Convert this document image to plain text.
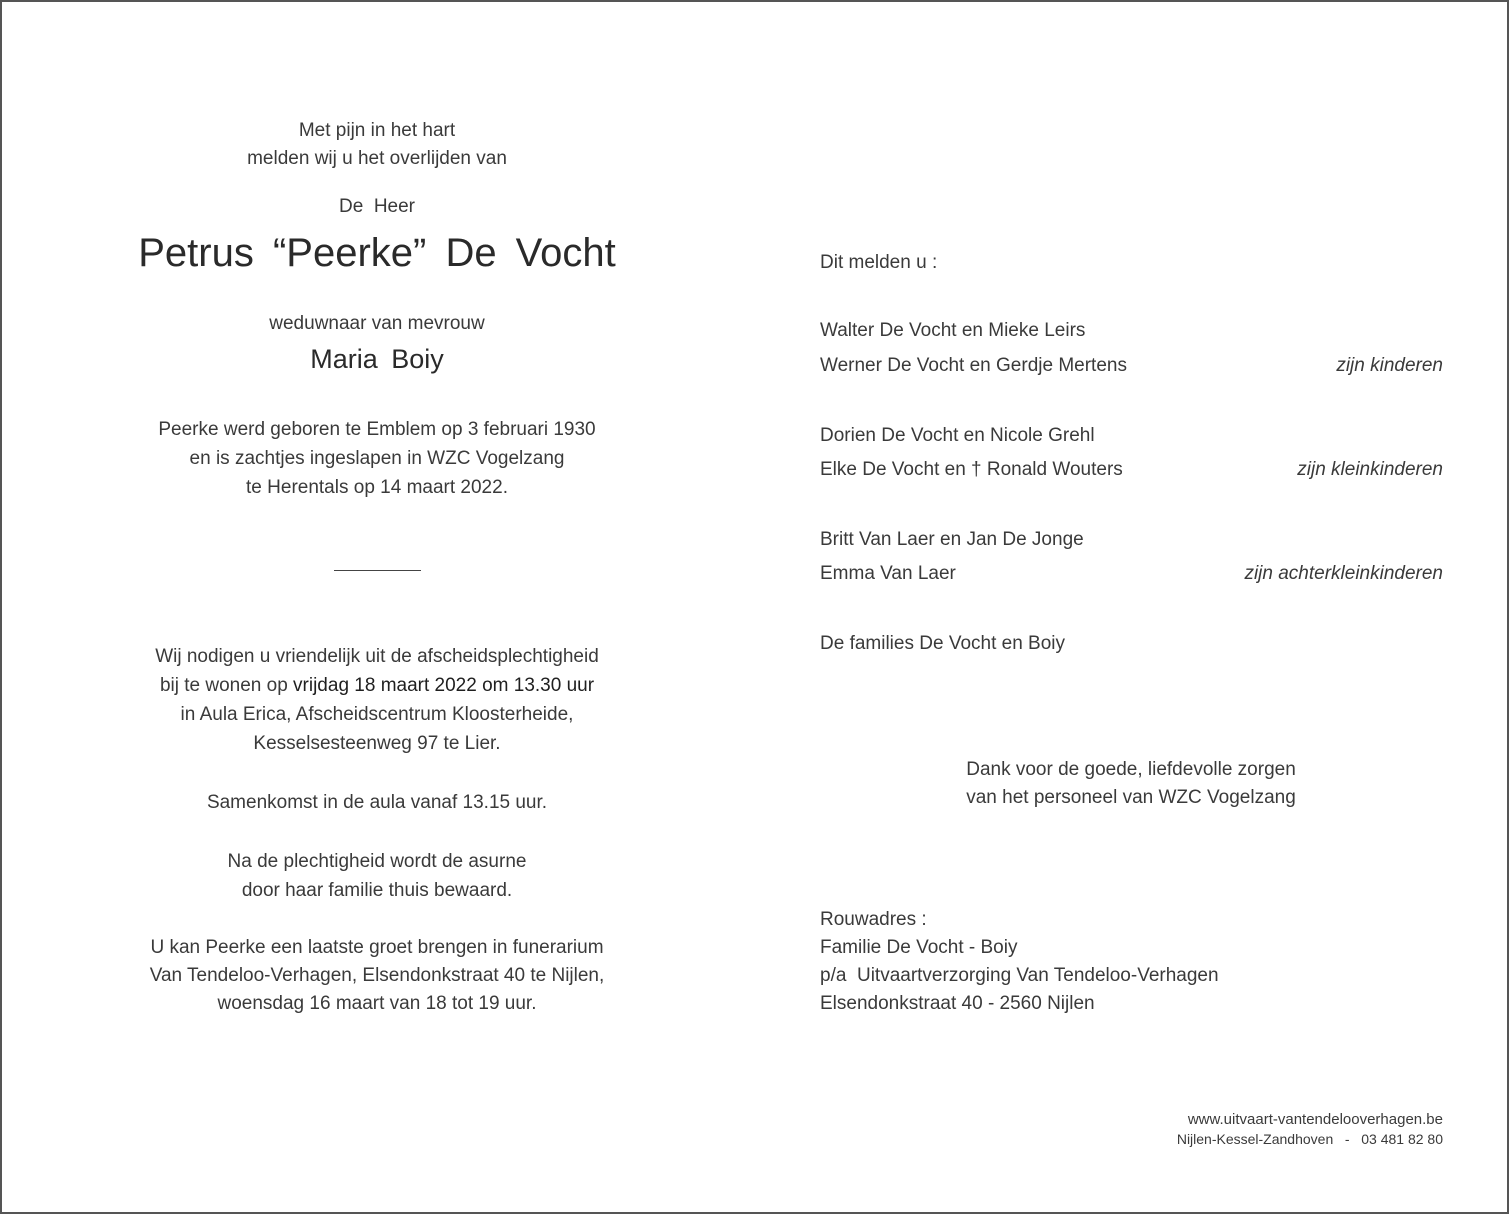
Met pijn in het hart
melden wij u het overlijden van
De  Heer
Petrus “Peerke” De Vocht
weduwnaar van mevrouw
Maria Boiy
Peerke werd geboren te Emblem op 3 februari 1930
en is zachtjes ingeslapen in WZC Vogelzang
te Herentals op 14 maart 2022.
Wij nodigen u vriendelijk uit de afscheidsplechtigheid
bij te wonen op vrijdag 18 maart 2022 om 13.30 uur
in Aula Erica, Afscheidscentrum Kloosterheide,
Kesselsesteenweg 97 te Lier.
Samenkomst in de aula vanaf 13.15 uur.
Na de plechtigheid wordt de asurne
door haar familie thuis bewaard.
U kan Peerke een laatste groet brengen in funerarium
Van Tendeloo-Verhagen, Elsendonkstraat 40 te Nijlen,
woensdag 16 maart van 18 tot 19 uur.
Dit melden u :
Walter De Vocht en Mieke Leirs
Werner De Vocht en Gerdje Mertens	zijn kinderen
Dorien De Vocht en Nicole Grehl
Elke De Vocht en † Ronald Wouters	zijn kleinkinderen
Britt Van Laer en Jan De Jonge
Emma Van Laer	zijn achterkleinkinderen
De families De Vocht en Boiy
Dank voor de goede, liefdevolle zorgen
van het personeel van WZC Vogelzang
Rouwadres :
Familie De Vocht - Boiy
p/a  Uitvaartverzorging Van Tendeloo-Verhagen
Elsendonkstraat 40 - 2560 Nijlen
www.uitvaart-vantendelooverhagen.be
Nijlen-Kessel-Zandhoven   -   03 481 82 80
